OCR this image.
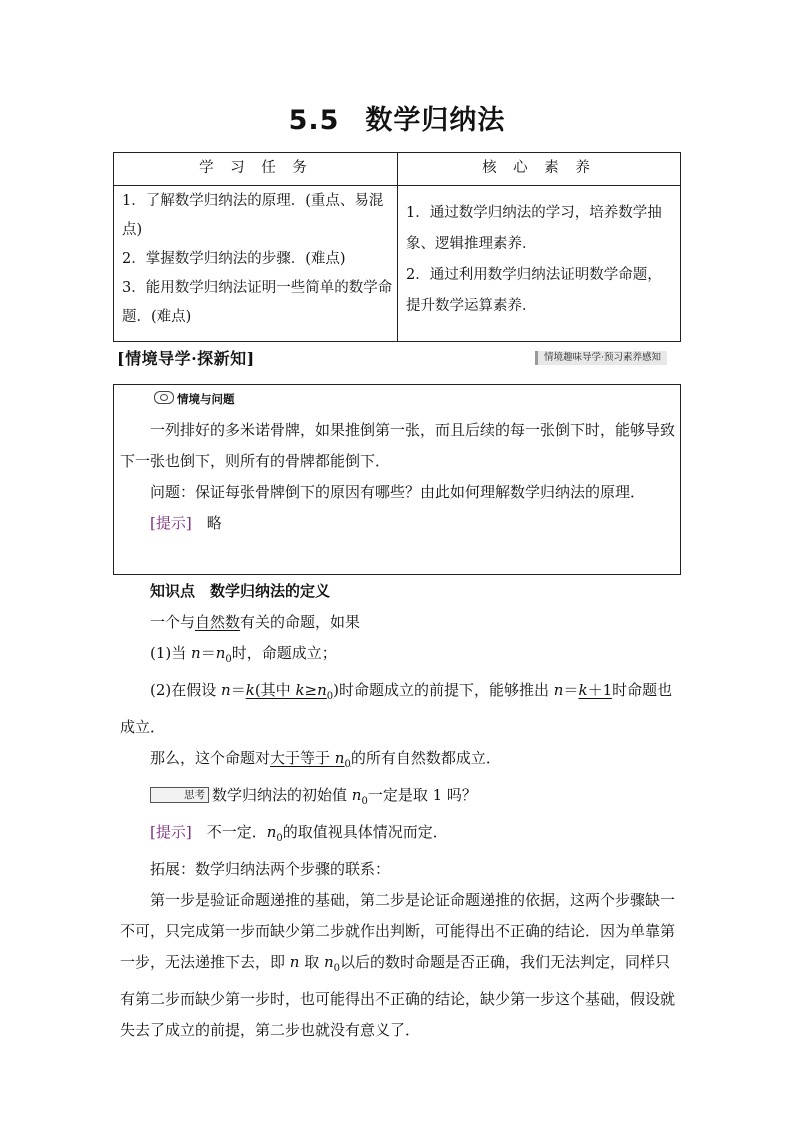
5.5 数学归纳法
学 习 任 务	核 心 素 养

1．了解数学归纳法的原理．(重点、易混点)

2．掌握数学归纳法的步骤．(难点)

3．能用数学归纳法证明一些简单的数学命题．(难点)

1．通过数学归纳法的学习，培养数学抽象、逻辑推理素养．

2．通过利用数学归纳法证明数学命题，提升数学运算素养．

[情境导学·探新知]	情境趣味导学·预习素养感知
情境与问题

一列排好的多米诺骨牌，如果推倒第一张，而且后续的每一张倒下时，能够导致下一张也倒下，则所有的骨牌都能倒下．

问题：保证每张骨牌倒下的原因有哪些？由此如何理解数学归纳法的原理．

[提示]　 略

知识点　数学归纳法的定义

一个与自然数有关的命题，如果

(1)当 $n=n_0$时，命题成立；

(2)在假设 n＝k(其中 $k\ge n_0$)时命题成立的前提下，能够推出 n＝k＋1时命题也成立．

那么，这个命题对大于等于 $n_0$的所有自然数都成立．

思考 数学归纳法的初始值 $n_0$一定是取 1 吗？

[提示]　不一定．$n_0$的取值视具体情况而定．

拓展：数学归纳法两个步骤的联系：

第一步是验证命题递推的基础，第二步是论证命题递推的依据，这两个步骤缺一不可，只完成第一步而缺少第二步就作出判断，可能得出不正确的结论．因为单靠第一步，无法递推下去，即 n 取 $n_0$以后的数时命题是否正确，我们无法判定，同样只有第二步而缺少第一步时，也可能得出不正确的结论，缺少第一步这个基础，假设就失去了成立的前提，第二步也就没有意义了．
